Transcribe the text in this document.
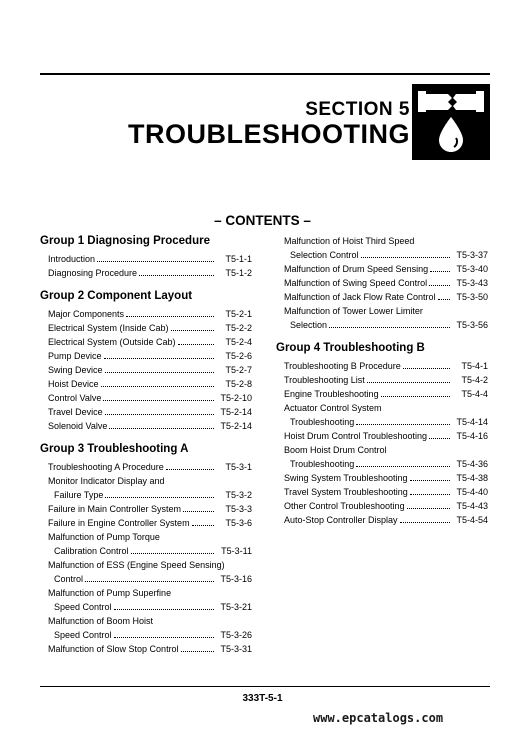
SECTION 5
TROUBLESHOOTING
– CONTENTS –
Group 1 Diagnosing Procedure
Introduction	T5-1-1
Diagnosing Procedure	T5-1-2
Group 2 Component Layout
Major Components	T5-2-1
Electrical System (Inside Cab)	T5-2-2
Electrical System (Outside Cab)	T5-2-4
Pump Device	T5-2-6
Swing Device	T5-2-7
Hoist Device	T5-2-8
Control Valve	T5-2-10
Travel Device	T5-2-14
Solenoid Valve	T5-2-14
Group 3 Troubleshooting A
Troubleshooting A Procedure	T5-3-1
Monitor Indicator Display and
Failure Type	T5-3-2
Failure in Main Controller System	T5-3-3
Failure in Engine Controller System	T5-3-6
Malfunction of Pump Torque
Calibration Control	T5-3-11
Malfunction of ESS (Engine Speed Sensing)
Control	T5-3-16
Malfunction of Pump Superfine
Speed Control	T5-3-21
Malfunction of Boom Hoist
Speed Control	T5-3-26
Malfunction of Slow Stop Control	T5-3-31
Malfunction of Hoist Third Speed
Selection Control	T5-3-37
Malfunction of Drum Speed Sensing	T5-3-40
Malfunction of Swing Speed Control	T5-3-43
Malfunction of Jack Flow Rate Control	T5-3-50
Malfunction of Tower Lower Limiter
Selection	T5-3-56
Group 4 Troubleshooting B
Troubleshooting B Procedure	T5-4-1
Troubleshooting List	T5-4-2
Engine Troubleshooting	T5-4-4
Actuator Control System
Troubleshooting	T5-4-14
Hoist Drum Control Troubleshooting	T5-4-16
Boom Hoist Drum Control
Troubleshooting	T5-4-36
Swing System Troubleshooting	T5-4-38
Travel System Troubleshooting	T5-4-40
Other Control Troubleshooting	T5-4-43
Auto-Stop Controller Display	T5-4-54
333T-5-1
www.epcatalogs.com
